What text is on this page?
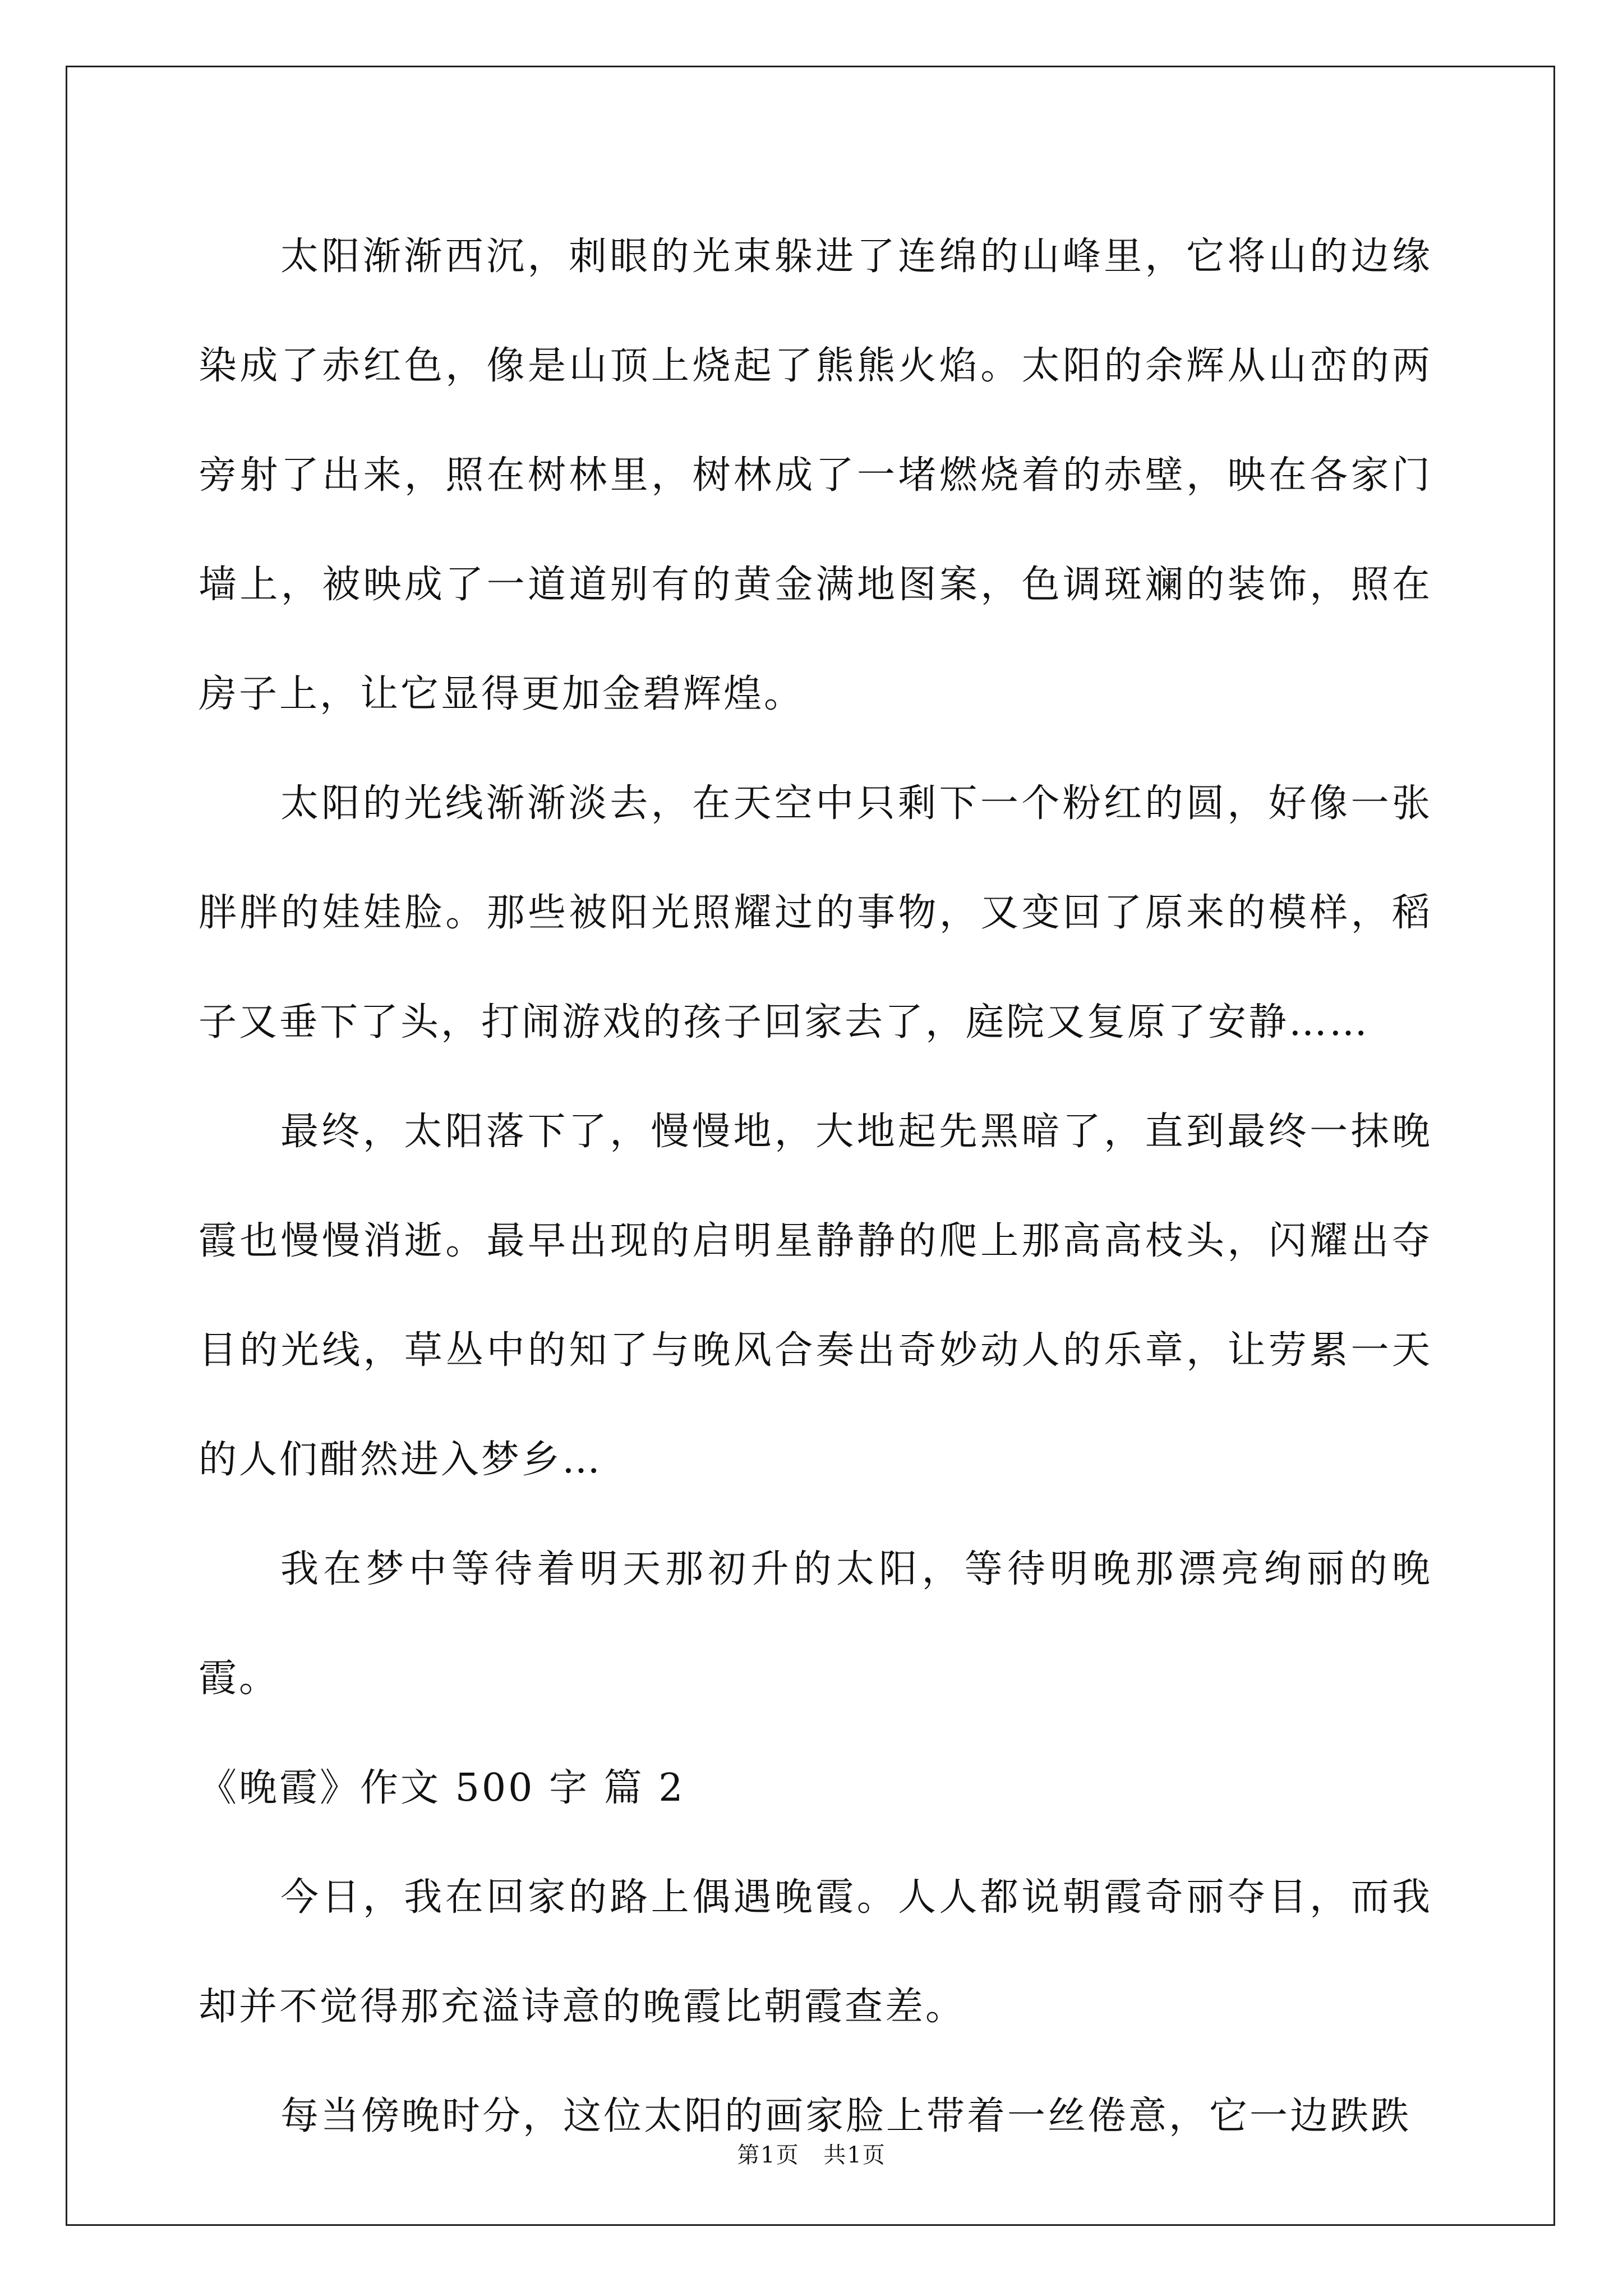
太阳渐渐西沉，刺眼的光束躲进了连绵的山峰里，它将山的边缘染成了赤红色，像是山顶上烧起了熊熊火焰。太阳的余辉从山峦的两旁射了出来，照在树林里，树林成了一堵燃烧着的赤壁，映在各家门墙上，被映成了一道道别有的黄金满地图案，色调斑斓的装饰，照在房子上，让它显得更加金碧辉煌。

太阳的光线渐渐淡去，在天空中只剩下一个粉红的圆，好像一张胖胖的娃娃脸。那些被阳光照耀过的事物，又变回了原来的模样，稻子又垂下了头，打闹游戏的孩子回家去了，庭院又复原了安静……

最终，太阳落下了，慢慢地，大地起先黑暗了，直到最终一抹晚霞也慢慢消逝。最早出现的启明星静静的爬上那高高枝头，闪耀出夺目的光线，草丛中的知了与晚风合奏出奇妙动人的乐章，让劳累一天的人们酣然进入梦乡…

我在梦中等待着明天那初升的太阳，等待明晚那漂亮绚丽的晚霞。

《晚霞》作文 500 字 篇 2

今日，我在回家的路上偶遇晚霞。人人都说朝霞奇丽夺目，而我却并不觉得那充溢诗意的晚霞比朝霞查差。

每当傍晚时分，这位太阳的画家脸上带着一丝倦意，它一边跌跌

第1页 共1页
